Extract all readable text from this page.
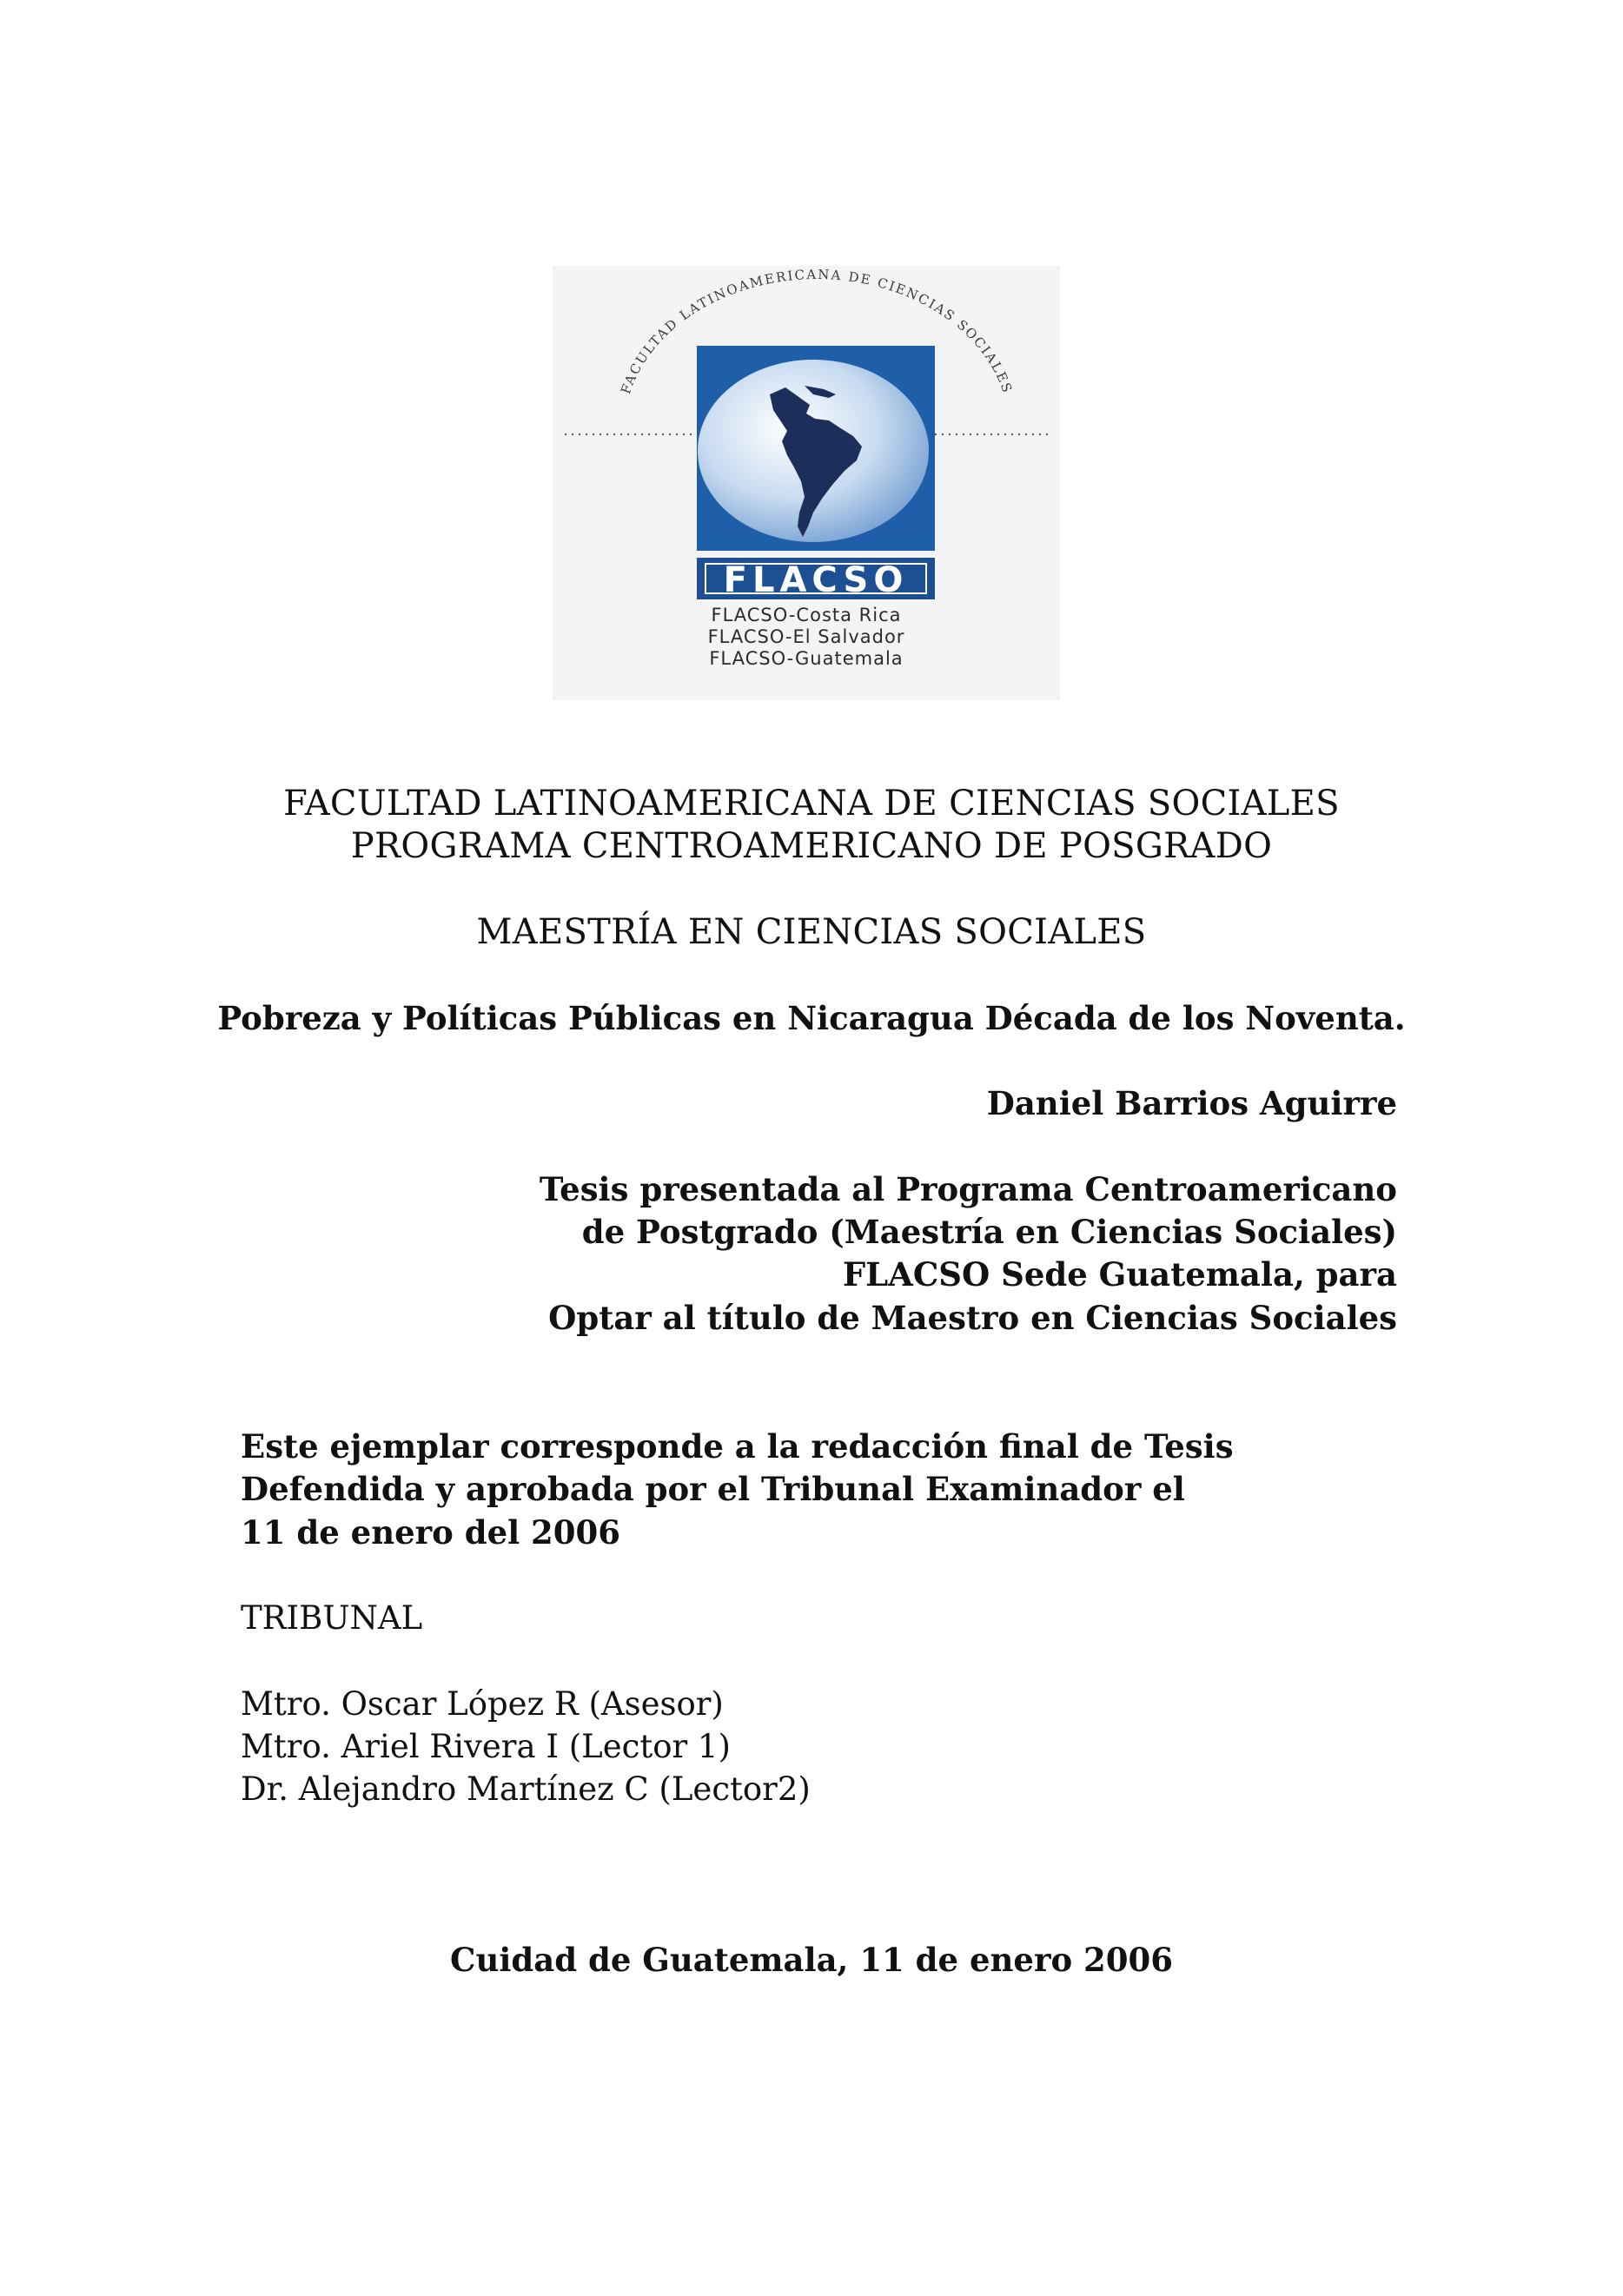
FACULTAD LATINOAMERICANA DE CIENCIAS SOCIALES
FLACSO
FLACSO-Costa Rica
FLACSO-El Salvador
FLACSO-Guatemala
FACULTAD LATINOAMERICANA DE CIENCIAS SOCIALES
PROGRAMA CENTROAMERICANO DE POSGRADO
MAESTRÍA EN CIENCIAS SOCIALES
Pobreza y Políticas Públicas en Nicaragua Década de los Noventa.
Daniel Barrios Aguirre
Tesis presentada al Programa Centroamericano
de Postgrado (Maestría en Ciencias Sociales)
FLACSO Sede Guatemala, para
Optar al título de Maestro en Ciencias Sociales
Este ejemplar corresponde a la redacción final de Tesis
Defendida y aprobada por el Tribunal Examinador el
11 de enero del 2006
TRIBUNAL
Mtro. Oscar López R (Asesor)
Mtro. Ariel Rivera I (Lector 1)
Dr. Alejandro Martínez C (Lector2)
Cuidad de Guatemala, 11 de enero 2006
